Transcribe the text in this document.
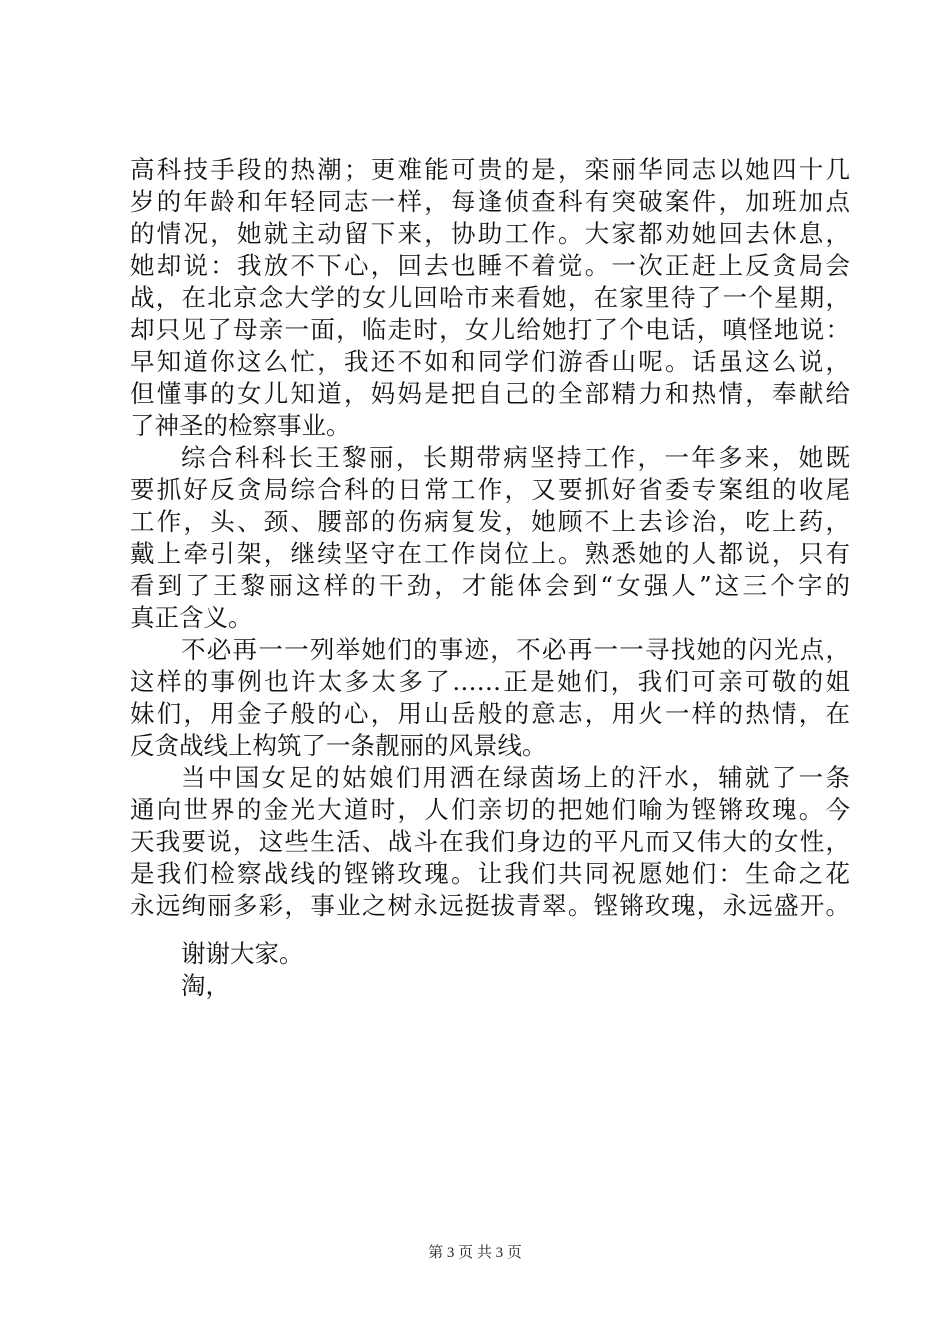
高科技手段的热潮；更难能可贵的是，栾丽华同志以她四十几
岁的年龄和年轻同志一样，每逢侦查科有突破案件，加班加点
的情况，她就主动留下来，协助工作。大家都劝她回去休息，
她却说：我放不下心，回去也睡不着觉。一次正赶上反贪局会
战，在北京念大学的女儿回哈市来看她，在家里待了一个星期，
却只见了母亲一面，临走时，女儿给她打了个电话，嗔怪地说：
早知道你这么忙，我还不如和同学们游香山呢。话虽这么说，
但懂事的女儿知道，妈妈是把自己的全部精力和热情，奉献给
了神圣的检察事业。
综合科科长王黎丽，长期带病坚持工作，一年多来，她既
要抓好反贪局综合科的日常工作，又要抓好省委专案组的收尾
工作，头、颈、腰部的伤病复发，她顾不上去诊治，吃上药，
戴上牵引架，继续坚守在工作岗位上。熟悉她的人都说，只有
看到了王黎丽这样的干劲，才能体会到“女强人”这三个字的
真正含义。
不必再一一列举她们的事迹，不必再一一寻找她的闪光点，
这样的事例也许太多太多了……正是她们，我们可亲可敬的姐
妹们，用金子般的心，用山岳般的意志，用火一样的热情，在
反贪战线上构筑了一条靓丽的风景线。
当中国女足的姑娘们用洒在绿茵场上的汗水，辅就了一条
通向世界的金光大道时，人们亲切的把她们喻为铿锵玫瑰。今
天我要说，这些生活、战斗在我们身边的平凡而又伟大的女性，
是我们检察战线的铿锵玫瑰。让我们共同祝愿她们：生命之花
永远绚丽多彩，事业之树永远挺拔青翠。铿锵玫瑰，永远盛开。
谢谢大家。
淘，
第 3 页 共 3 页
